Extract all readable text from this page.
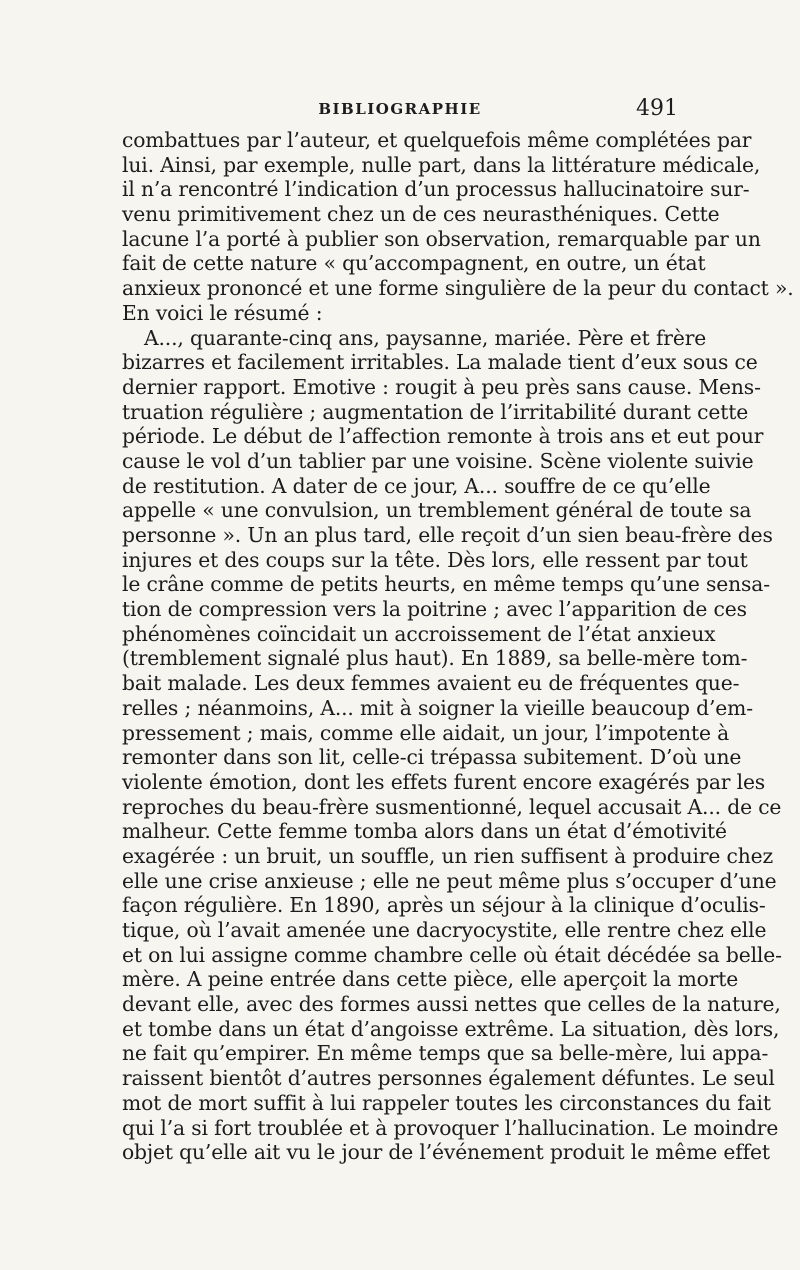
BIBLIOGRAPHIE	491
combattues par l’auteur, et quelquefois même complétées par
lui. Ainsi, par exemple, nulle part, dans la littérature médicale,
il n’a rencontré l’indication d’un processus hallucinatoire sur-
venu primitivement chez un de ces neurasthéniques. Cette
lacune l’a porté à publier son observation, remarquable par un
fait de cette nature « qu’accompagnent, en outre, un état
anxieux prononcé et une forme singulière de la peur du contact ».
En voici le résumé :
A..., quarante-cinq ans, paysanne, mariée. Père et frère
bizarres et facilement irritables. La malade tient d’eux sous ce
dernier rapport. Emotive : rougit à peu près sans cause. Mens-
truation régulière ; augmentation de l’irritabilité durant cette
période. Le début de l’affection remonte à trois ans et eut pour
cause le vol d’un tablier par une voisine. Scène violente suivie
de restitution. A dater de ce jour, A... souffre de ce qu’elle
appelle « une convulsion, un tremblement général de toute sa
personne ». Un an plus tard, elle reçoit d’un sien beau-frère des
injures et des coups sur la tête. Dès lors, elle ressent par tout
le crâne comme de petits heurts, en même temps qu’une sensa-
tion de compression vers la poitrine ; avec l’apparition de ces
phénomènes coïncidait un accroissement de l’état anxieux
(tremblement signalé plus haut). En 1889, sa belle-mère tom-
bait malade. Les deux femmes avaient eu de fréquentes que-
relles ; néanmoins, A... mit à soigner la vieille beaucoup d’em-
pressement ; mais, comme elle aidait, un jour, l’impotente à
remonter dans son lit, celle-ci trépassa subitement. D’où une
violente émotion, dont les effets furent encore exagérés par les
reproches du beau-frère susmentionné, lequel accusait A... de ce
malheur. Cette femme tomba alors dans un état d’émotivité
exagérée : un bruit, un souffle, un rien suffisent à produire chez
elle une crise anxieuse ; elle ne peut même plus s’occuper d’une
façon régulière. En 1890, après un séjour à la clinique d’oculis-
tique, où l’avait amenée une dacryocystite, elle rentre chez elle
et on lui assigne comme chambre celle où était décédée sa belle-
mère. A peine entrée dans cette pièce, elle aperçoit la morte
devant elle, avec des formes aussi nettes que celles de la nature,
et tombe dans un état d’angoisse extrême. La situation, dès lors,
ne fait qu’empirer. En même temps que sa belle-mère, lui appa-
raissent bientôt d’autres personnes également défuntes. Le seul
mot de mort suffit à lui rappeler toutes les circonstances du fait
qui l’a si fort troublée et à provoquer l’hallucination. Le moindre
objet qu’elle ait vu le jour de l’événement produit le même effet
